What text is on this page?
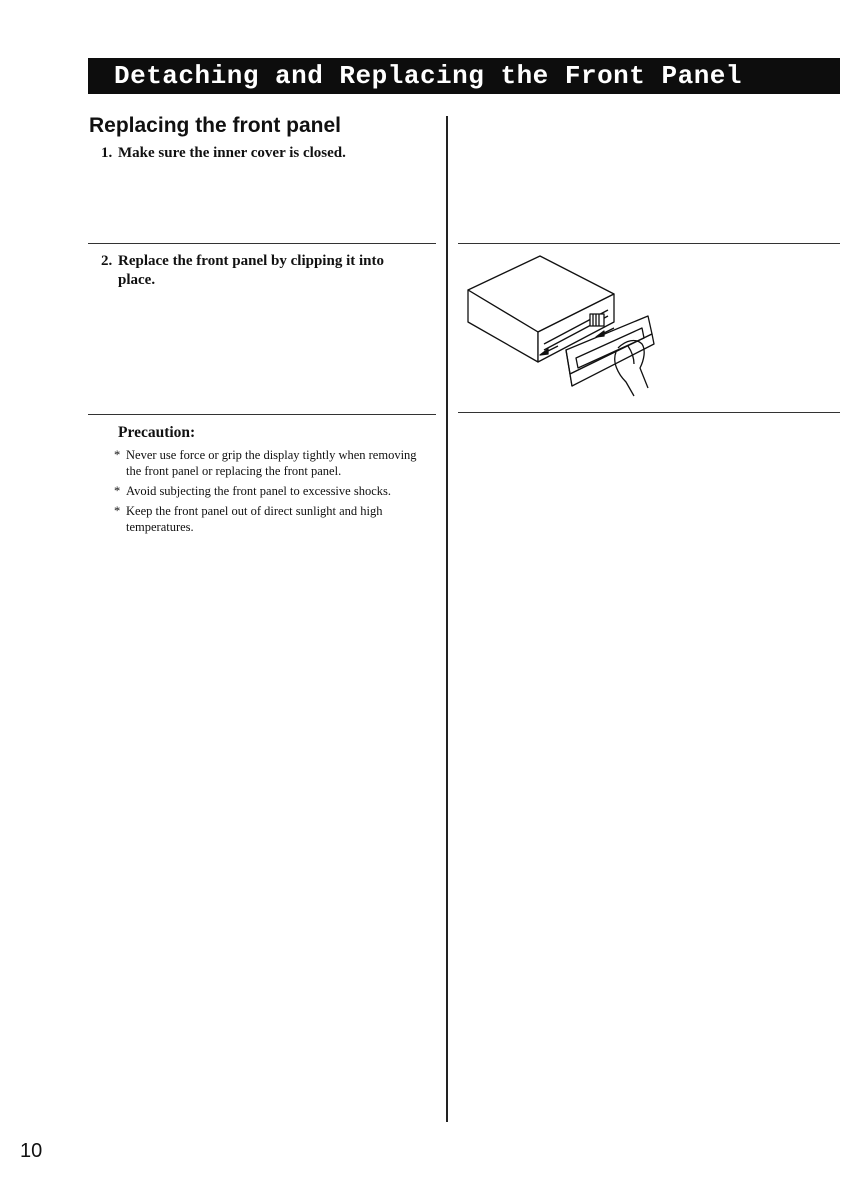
Detaching and Replacing the Front Panel
Replacing the front panel
1. Make sure the inner cover is closed.
2. Replace the front panel by clipping it into place.
Precaution:
* Never use force or grip the display tightly when removing the front panel or replacing the front panel.
* Avoid subjecting the front panel to excessive shocks.
* Keep the front panel out of direct sunlight and high temperatures.
10
